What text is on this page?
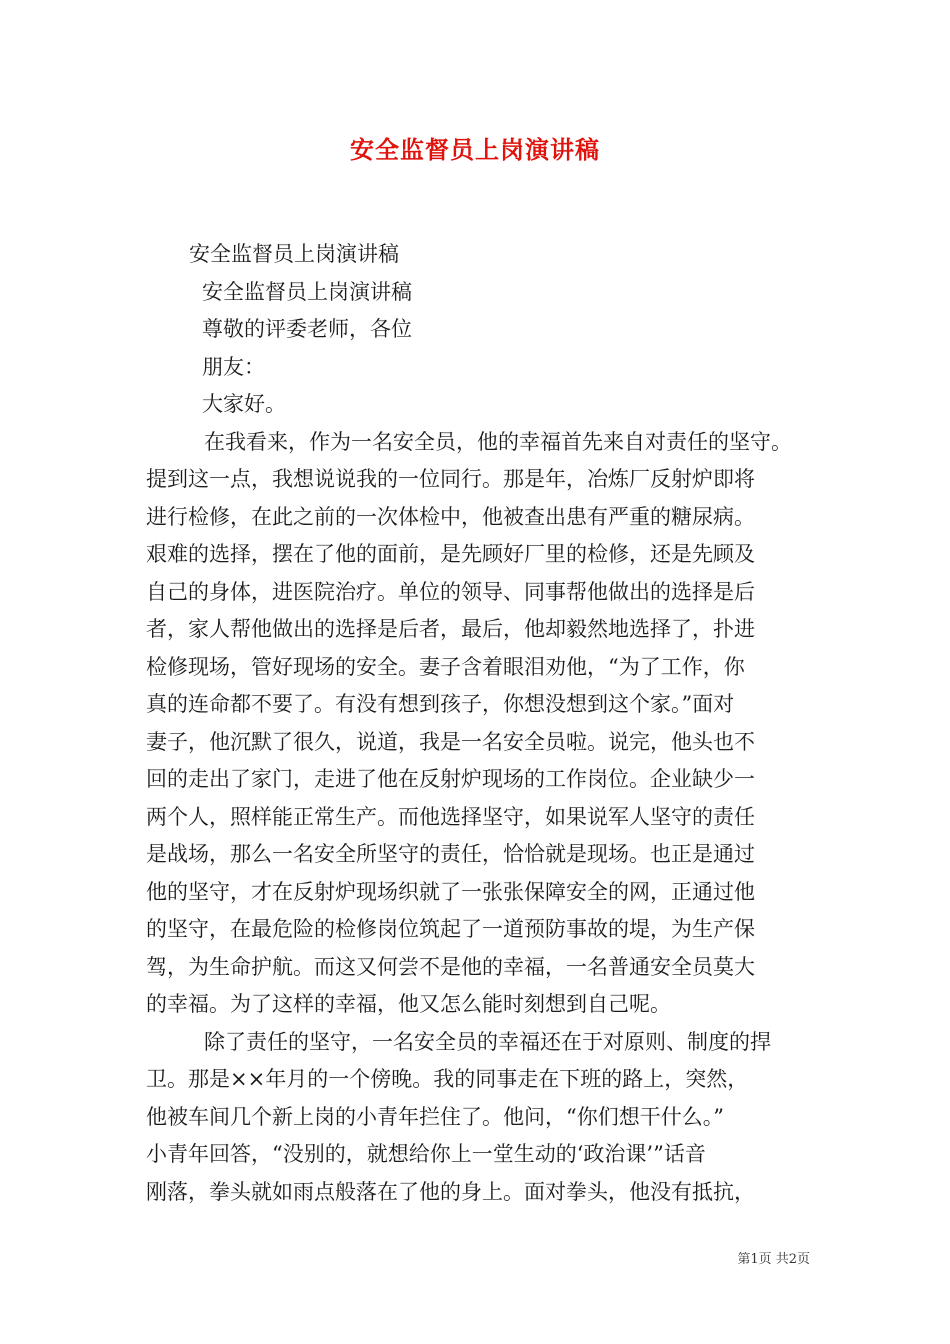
安全监督员上岗演讲稿
安全监督员上岗演讲稿
安全监督员上岗演讲稿
尊敬的评委老师，各位
朋友：
大家好。
在我看来，作为一名安全员，他的幸福首先来自对责任的坚守。
提到这一点，我想说说我的一位同行。那是年，冶炼厂反射炉即将
进行检修，在此之前的一次体检中，他被查出患有严重的糖尿病。
艰难的选择，摆在了他的面前，是先顾好厂里的检修，还是先顾及
自己的身体，进医院治疗。单位的领导、同事帮他做出的选择是后
者，家人帮他做出的选择是后者，最后，他却毅然地选择了，扑进
检修现场，管好现场的安全。妻子含着眼泪劝他，“为了工作，你
真的连命都不要了。有没有想到孩子，你想没想到这个家。”面对
妻子，他沉默了很久，说道，我是一名安全员啦。说完，他头也不
回的走出了家门，走进了他在反射炉现场的工作岗位。企业缺少一
两个人，照样能正常生产。而他选择坚守，如果说军人坚守的责任
是战场，那么一名安全所坚守的责任，恰恰就是现场。也正是通过
他的坚守，才在反射炉现场织就了一张张保障安全的网，正通过他
的坚守，在最危险的检修岗位筑起了一道预防事故的堤，为生产保
驾，为生命护航。而这又何尝不是他的幸福，一名普通安全员莫大
的幸福。为了这样的幸福，他又怎么能时刻想到自己呢。
除了责任的坚守，一名安全员的幸福还在于对原则、制度的捍
卫。那是××年月的一个傍晚。我的同事走在下班的路上，突然，
他被车间几个新上岗的小青年拦住了。他问，“你们想干什么。”
小青年回答，“没别的，就想给你上一堂生动的‘政治课’”话音
刚落，拳头就如雨点般落在了他的身上。面对拳头，他没有抵抗，
第1页 共2页
